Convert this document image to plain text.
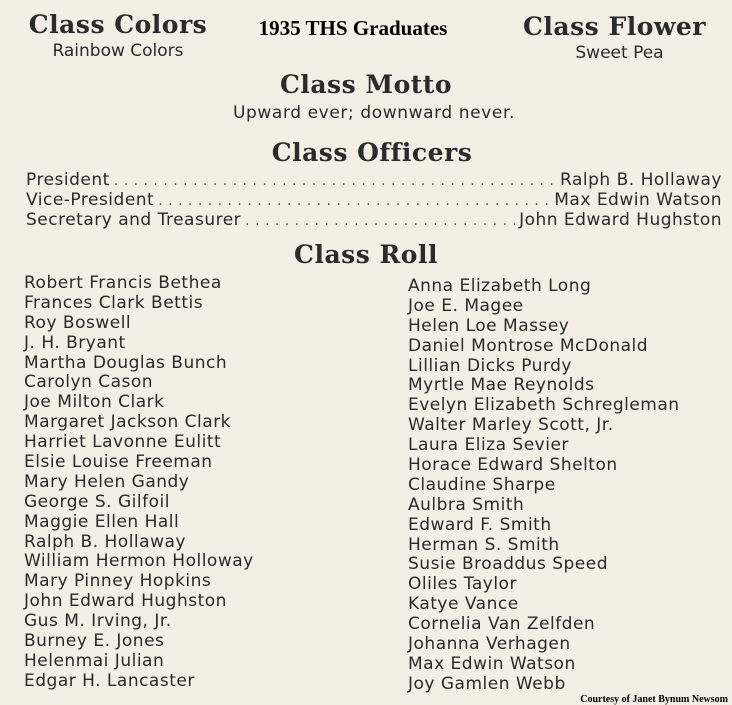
Class Colors
Rainbow Colors
1935 THS Graduates	Class Flower
Sweet Pea
Class Motto
Upward ever; downward never.
Class Officers
President . . .	Ralph B. Hollaway
Vice-President . . .	Max Edwin Watson
Secretary and Treasurer . . .	John Edward Hughston
Class Roll
Robert Francis Bethea
Frances Clark Bettis
Roy Boswell
J. H. Bryant
Martha Douglas Bunch
Carolyn Cason
Joe Milton Clark
Margaret Jackson Clark
Harriet Lavonne Eulitt
Elsie Louise Freeman
Mary Helen Gandy
George S. Gilfoil
Maggie Ellen Hall
Ralph B. Hollaway
William Hermon Holloway
Mary Pinney Hopkins
John Edward Hughston
Gus M. Irving, Jr.
Burney E. Jones
Helenmai Julian
Edgar H. Lancaster
Anna Elizabeth Long
Joe E. Magee
Helen Loe Massey
Daniel Montrose McDonald
Lillian Dicks Purdy
Myrtle Mae Reynolds
Evelyn Elizabeth Schregleman
Walter Marley Scott, Jr.
Laura Eliza Sevier
Horace Edward Shelton
Claudine Sharpe
Aulbra Smith
Edward F. Smith
Herman S. Smith
Susie Broaddus Speed
Oliles Taylor
Katye Vance
Cornelia Van Zelfden
Johanna Verhagen
Max Edwin Watson
Joy Gamlen Webb
Courtesy of Janet Bynum Newsom
